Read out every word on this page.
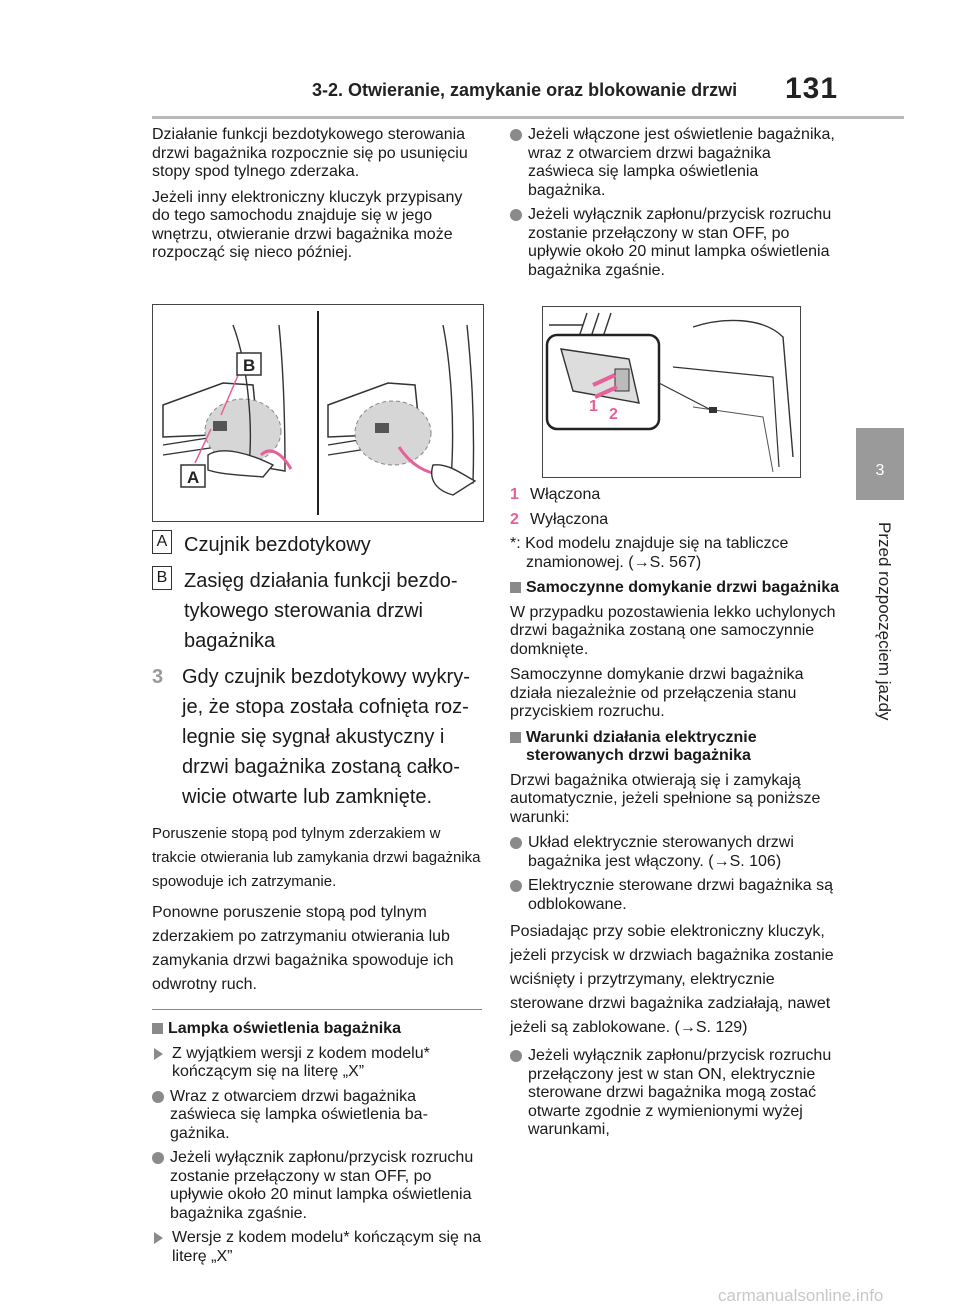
3-2. Otwieranie, zamykanie oraz blokowanie drzwi 131
3
Przed rozpoczęciem jazdy

Działanie funkcji bezdotykowego sterowania drzwi bagażnika rozpocznie się po usunięciu stopy spod tylnego zderzaka.

Jeżeli inny elektroniczny kluczyk przypisany do tego samochodu znajduje się w jego wnętrzu, otwieranie drzwi bagażnika może rozpocząć się nieco później.

B
A
A Czujnik bezdotykowy
B Zasięg działania funkcji bezdotykowego sterowania drzwi bagażnika
3 Gdy czujnik bezdotykowy wykryje, że stopa została cofnięta rozlegnie się sygnał akustyczny i drzwi bagażnika zostaną całkowicie otwarte lub zamknięte.

Poruszenie stopą pod tylnym zderzakiem w trakcie otwierania lub zamykania drzwi bagażnika spowoduje ich zatrzymanie.

Ponowne poruszenie stopą pod tylnym zderzakiem po zatrzymaniu otwierania lub zamykania drzwi bagażnika spowoduje ich odwrotny ruch.

Lampka oświetlenia bagażnika
Z wyjątkiem wersji z kodem modelu* kończącym się na literę „X”
Wraz z otwarciem drzwi bagażnika zaświeca się lampka oświetlenia bagażnika.
Jeżeli wyłącznik zapłonu/przycisk rozruchu zostanie przełączony w stan OFF, po upływie około 20 minut lampka oświetlenia bagażnika zgaśnie.
Wersje z kodem modelu* kończącym się na literę „X”
Jeżeli włączone jest oświetlenie bagażnika, wraz z otwarciem drzwi bagażnika zaświeca się lampka oświetlenia bagażnika.
Jeżeli wyłącznik zapłonu/przycisk rozruchu zostanie przełączony w stan OFF, po upływie około 20 minut lampka oświetlenia bagażnika zgaśnie.
1 2
1 Włączona
2 Wyłączona

*: Kod modelu znajduje się na tabliczce znamionowej. (→S. 567)

Samoczynne domykanie drzwi bagażnika

W przypadku pozostawienia lekko uchylonych drzwi bagażnika zostaną one samoczynnie domknięte.

Samoczynne domykanie drzwi bagażnika działa niezależnie od przełączenia stanu przyciskiem rozruchu.

Warunki działania elektrycznie sterowanych drzwi bagażnika

Drzwi bagażnika otwierają się i zamykają automatycznie, jeżeli spełnione są poniższe warunki:

Układ elektrycznie sterowanych drzwi bagażnika jest włączony. (→S. 106)
Elektrycznie sterowane drzwi bagażnika są odblokowane.

Posiadając przy sobie elektroniczny kluczyk, jeżeli przycisk w drzwiach bagażnika zostanie wciśnięty i przytrzymany, elektrycznie sterowane drzwi bagażnika zadziałają, nawet jeżeli są zablokowane. (→S. 129)

Jeżeli wyłącznik zapłonu/przycisk rozruchu przełączony jest w stan ON, elektrycznie sterowane drzwi bagażnika mogą zostać otwarte zgodnie z wymienionymi wyżej warunkami,
carmanualsonline.info
